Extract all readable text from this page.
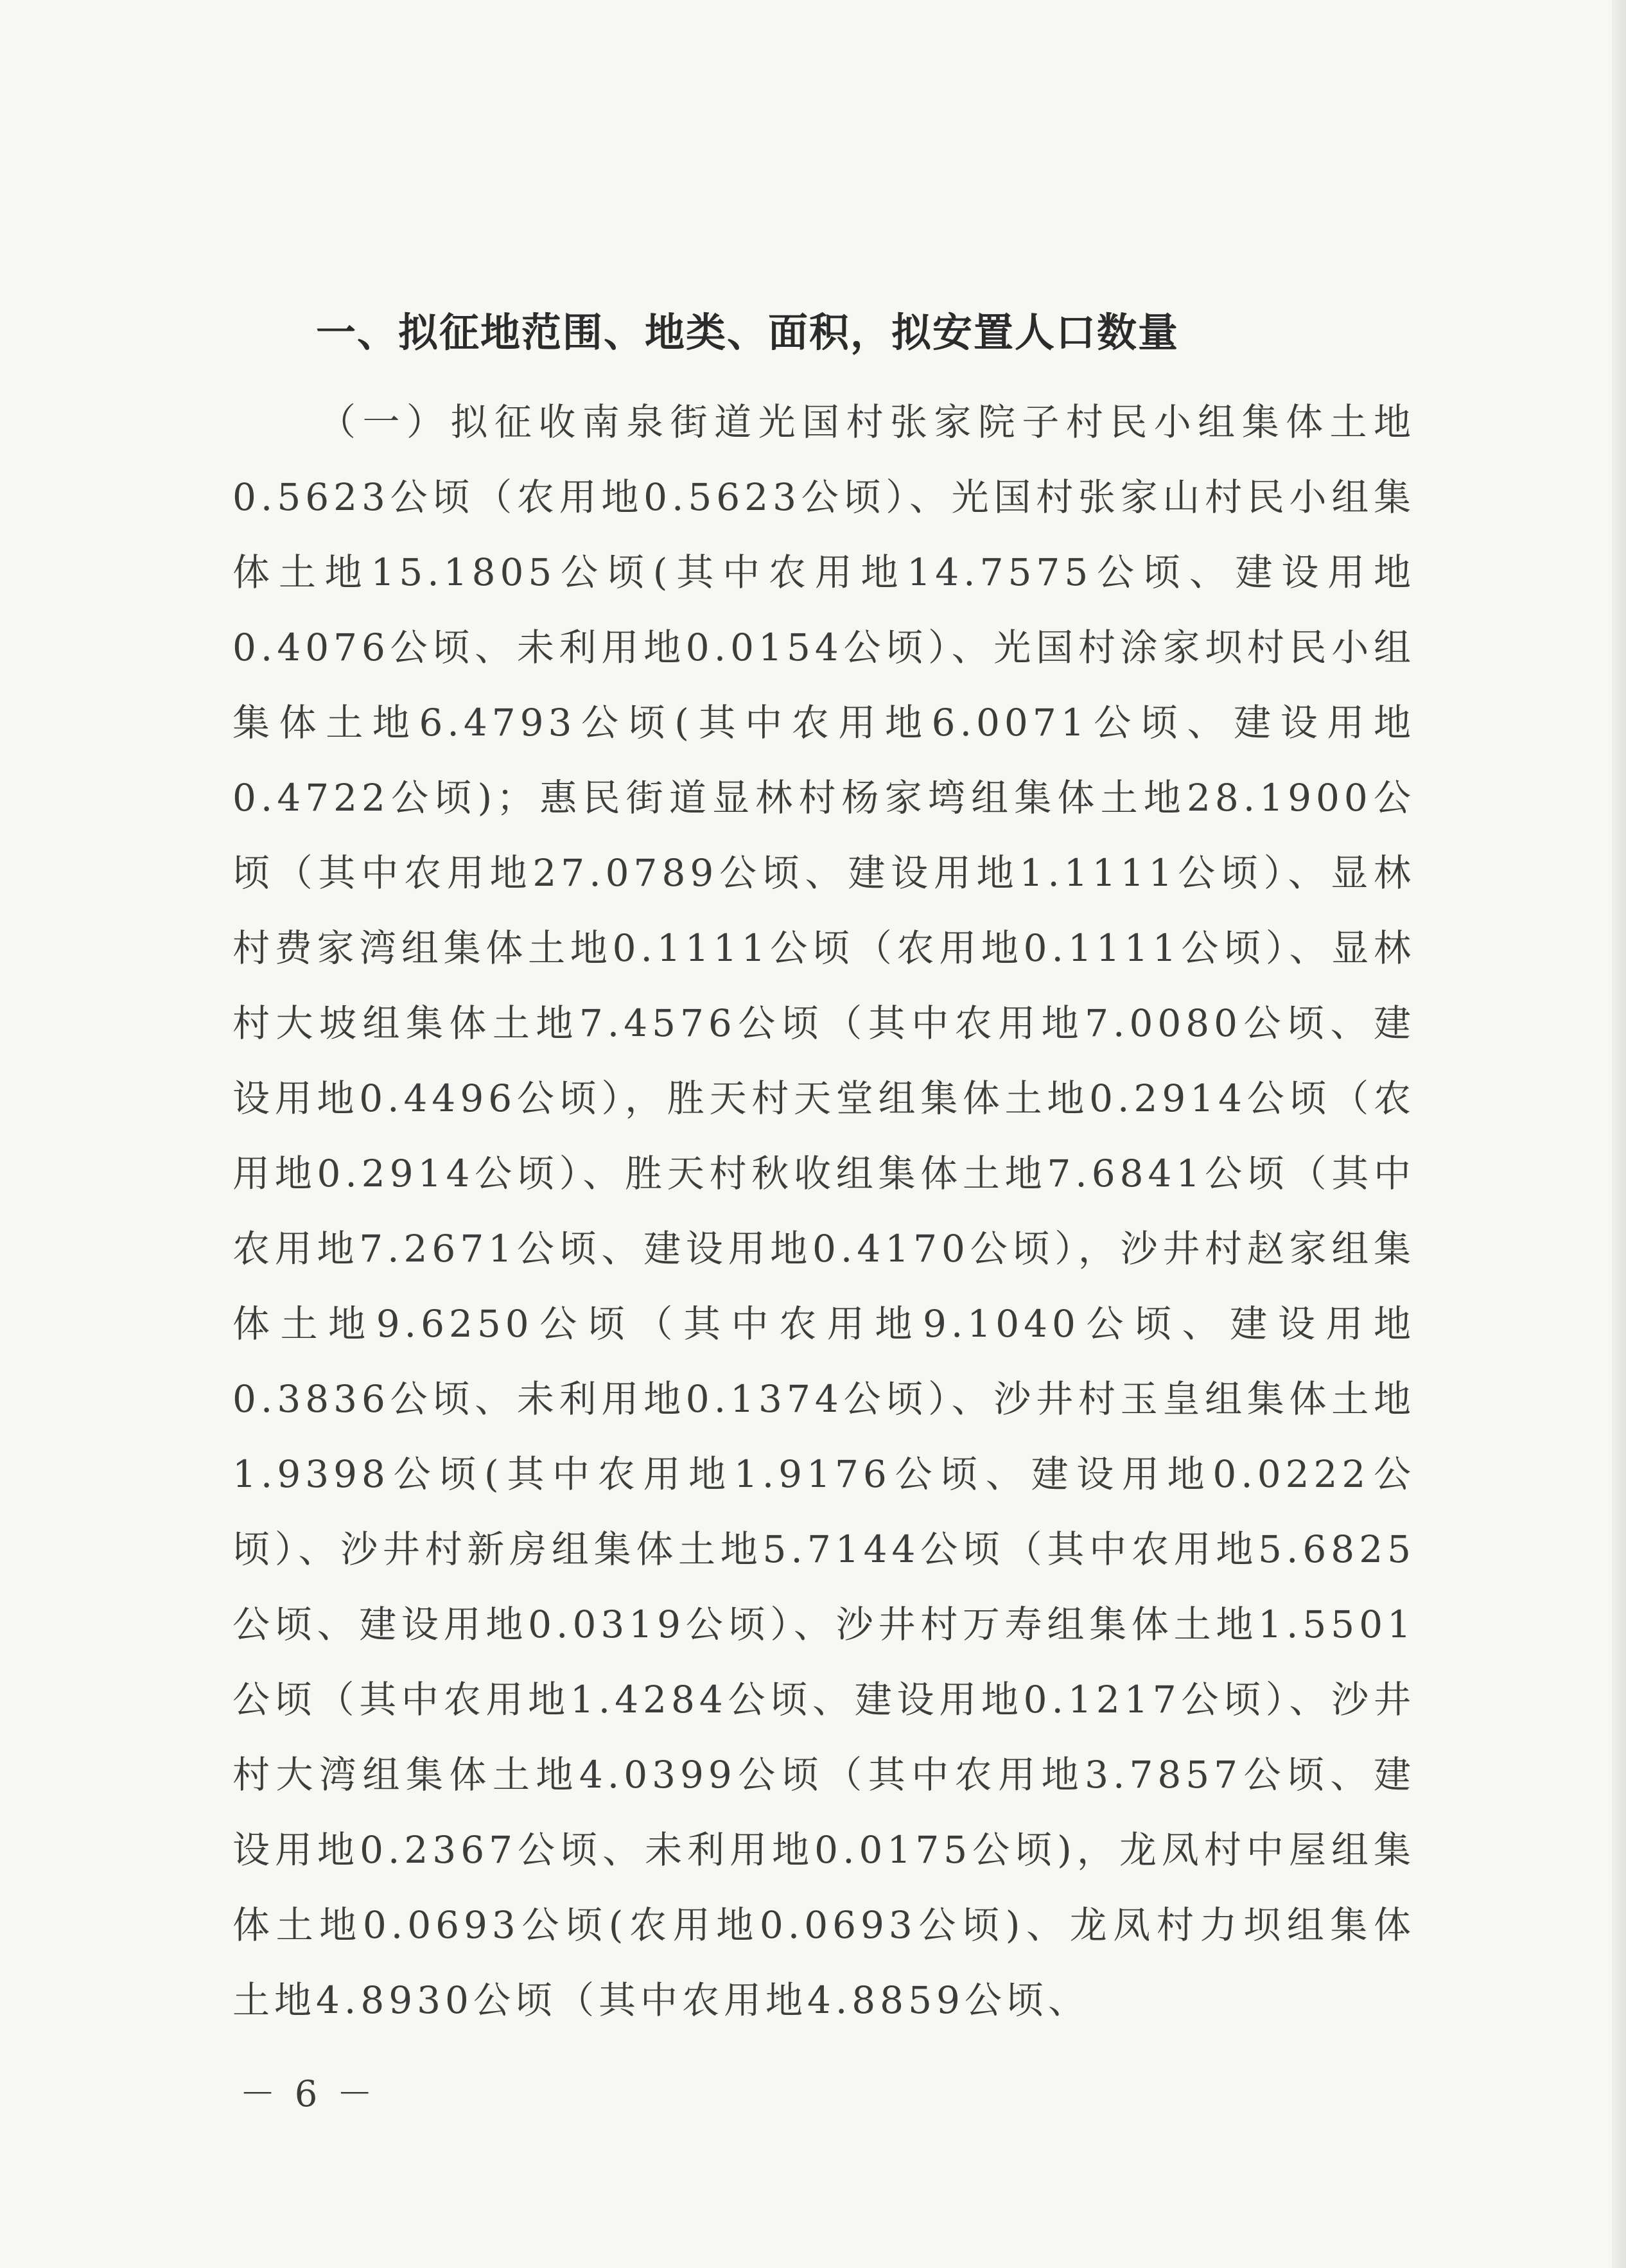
一、拟征地范围、地类、面积，拟安置人口数量

（一）拟征收南泉街道光国村张家院子村民小组集体土地0.5623公顷（农用地0.5623公顷）、光国村张家山村民小组集体土地15.1805公顷(其中农用地14.7575公顷、建设用地0.4076公顷、未利用地0.0154公顷）、光国村涂家坝村民小组集体土地6.4793公顷(其中农用地6.0071公顷、建设用地0.4722公顷)；惠民街道显林村杨家塆组集体土地28.1900公顷（其中农用地27.0789公顷、建设用地1.1111公顷）、显林村费家湾组集体土地0.1111公顷（农用地0.1111公顷）、显林村大坡组集体土地7.4576公顷（其中农用地7.0080公顷、建设用地0.4496公顷），胜天村天堂组集体土地0.2914公顷（农用地0.2914公顷）、胜天村秋收组集体土地7.6841公顷（其中农用地7.2671公顷、建设用地0.4170公顷），沙井村赵家组集体土地9.6250公顷（其中农用地9.1040公顷、建设用地0.3836公顷、未利用地0.1374公顷）、沙井村玉皇组集体土地1.9398公顷(其中农用地1.9176公顷、建设用地0.0222公顷）、沙井村新房组集体土地5.7144公顷（其中农用地5.6825公顷、建设用地0.0319公顷）、沙井村万寿组集体土地1.5501公顷（其中农用地1.4284公顷、建设用地0.1217公顷）、沙井村大湾组集体土地4.0399公顷（其中农用地3.7857公顷、建设用地0.2367公顷、未利用地0.0175公顷)，龙凤村中屋组集体土地0.0693公顷(农用地0.0693公顷)、龙凤村力坝组集体土地4.8930公顷（其中农用地4.8859公顷、

－ 6 －
